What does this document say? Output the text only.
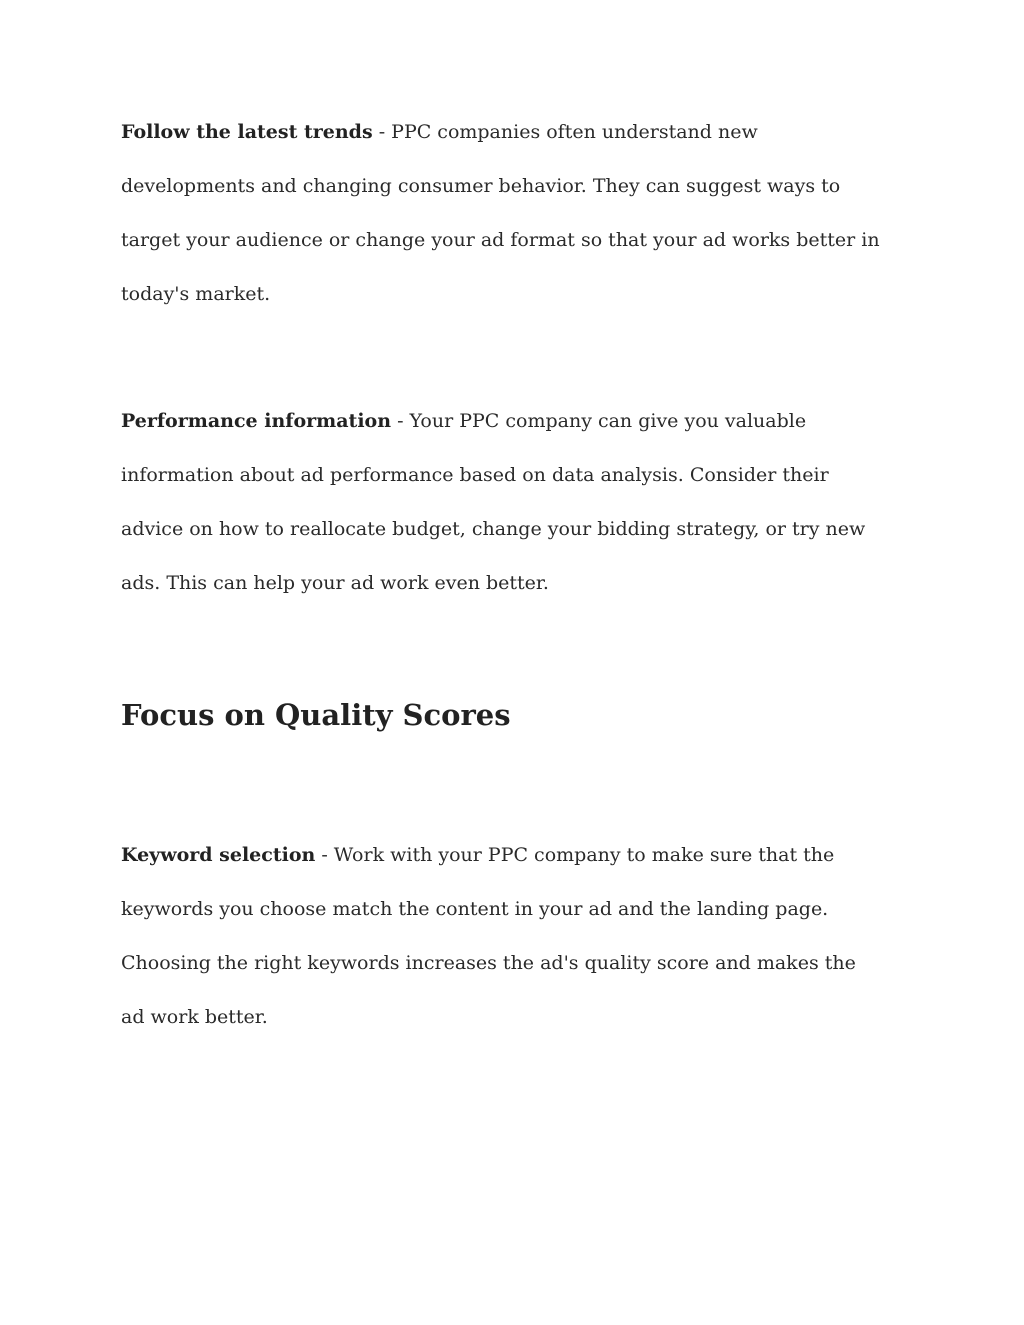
Follow the latest trends - PPC companies often understand new developments and changing consumer behavior. They can suggest ways to target your audience or change your ad format so that your ad works better in today's market.

Performance information - Your PPC company can give you valuable information about ad performance based on data analysis. Consider their advice on how to reallocate budget, change your bidding strategy, or try new ads. This can help your ad work even better.

Focus on Quality Scores

Keyword selection - Work with your PPC company to make sure that the keywords you choose match the content in your ad and the landing page. Choosing the right keywords increases the ad's quality score and makes the ad work better.
